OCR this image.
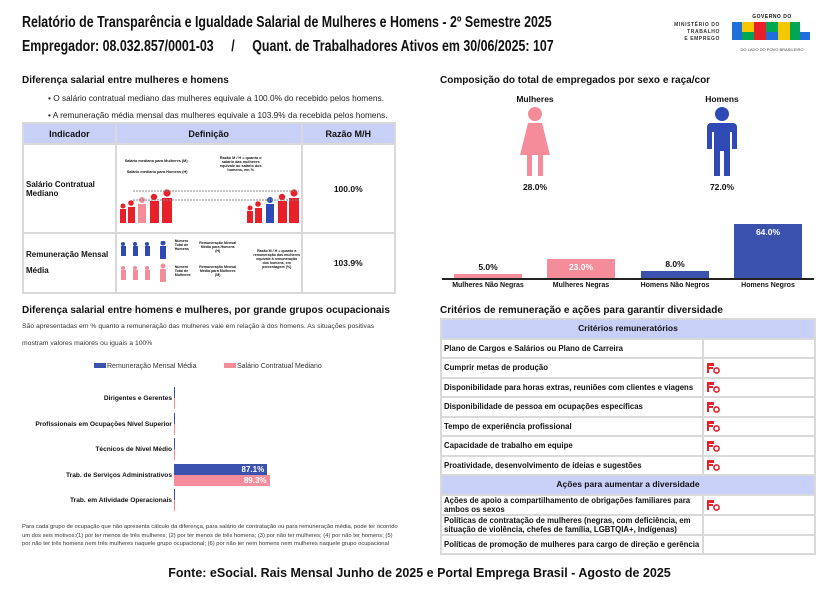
Relatório de Transparência e Igualdade Salarial de Mulheres e Homens - 2º Semestre 2025
Empregador: 08.032.857/0001-03 / Quant. de Trabalhadores Ativos em 30/06/2025: 107
MINISTÉRIO DO
TRABALHO
E EMPREGO
GOVERNO DO
DO LADO DO POVO BRASILEIRO
Diferença salarial entre mulheres e homens
• O salário contratual mediano das mulheres equivale a 100.0% do recebido pelos homens.
• A remuneração média mensal das mulheres equivale a 103.9% da recebida pelos homens.
Indicador	Definição	Razão M/H
Salário Contratual Mediano	Salário mediano para Mulheres (M)
Salário mediano para Homens (H)
Razão M / H = quanto o salário das mulheres equivale ao salário dos homens, em %	100.0%
Remuneração Mensal Média	Número Total de Homens
Remuneração Mensal Média para Homens (H)
Número Total de Mulheres
Remuneração Mensal Média para Mulheres (M)
Razão M / H = quanto a remuneração das mulheres equivale à remuneração dos homens, em porcentagem (%)	103.9%
Composição do total de empregados por sexo e raça/cor
Mulheres
28.0%
Homens
72.0%
5.0%
Mulheres Não Negras
23.0%
Mulheres Negras
8.0%
Homens Não Negros
64.0%
Homens Negros
Diferença salarial entre homens e mulheres, por grande grupos ocupacionais
São apresentadas em % quanto a remuneração das mulheres vale em relação à dos homens. As situações positivas
mostram valores maiores ou iguais a 100%
Remuneração Mensal Média	Salário Contratual Mediano
Dirigentes e Gerentes
Profissionais em Ocupações Nível Superior
Técnicos de Nível Médio
Trab. de Serviços Administrativos
87.1%
89.3%
Trab. em Atividade Operacionais
Para cada grupo de ocupação que não apresenta cálculo da diferença, para salário de contratação ou para remuneração média, pode ter ocorrido um dos seis motivos:(1) por ter menos de três mulheres; (2) por ter menos de três homens; (3) por não ter mulheres; (4) por não ter homens; (5) por não ter três homens nem três mulheres naquele grupo ocupacional; (6) por não ter nem homens nem mulheres naquele grupo ocupacional
Critérios de remuneração e ações para garantir diversidade
Critérios remuneratórios	
Plano de Cargos e Salários ou Plano de Carreira	
Cumprir metas de produção	
Disponibilidade para horas extras, reuniões com clientes e viagens	
Disponibilidade de pessoa em ocupações específicas	
Tempo de experiência profissional	
Capacidade de trabalho em equipe	
Proatividade, desenvolvimento de ideias e sugestões	
Ações para aumentar a diversidade	
Ações de apoio a compartilhamento de obrigações familiares para ambos os sexos	
Políticas de contratação de mulheres (negras, com deficiência, em situação de violência, chefes de família, LGBTQIA+, Indígenas)	
Políticas de promoção de mulheres para cargo de direção e gerência	
Fonte: eSocial. Rais Mensal Junho de 2025 e Portal Emprega Brasil - Agosto de 2025
